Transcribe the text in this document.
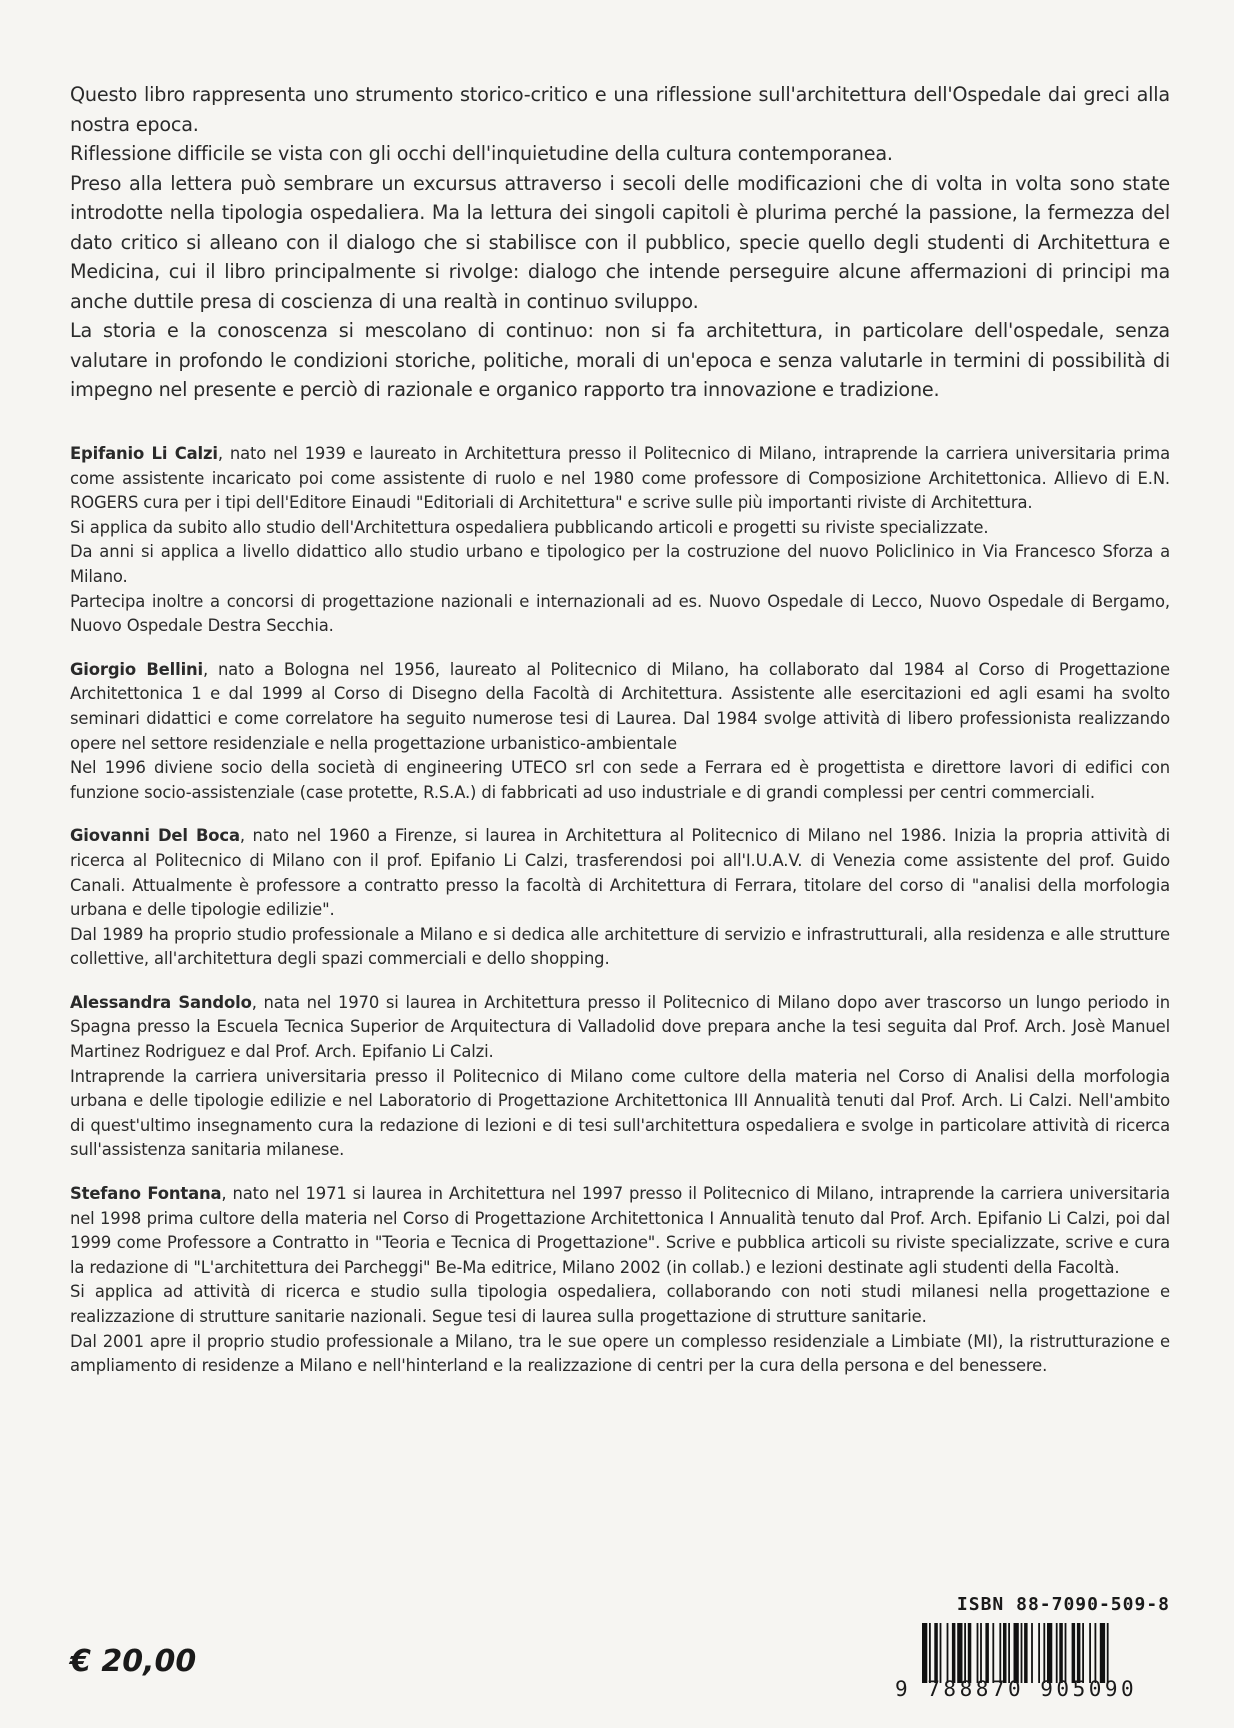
Questo libro rappresenta uno strumento storico-critico e una riflessione sull'architettura dell'Ospedale dai greci alla nostra epoca.

Riflessione difficile se vista con gli occhi dell'inquietudine della cultura contemporanea.

Preso alla lettera può sembrare un excursus attraverso i secoli delle modificazioni che di volta in volta sono state introdotte nella tipologia ospedaliera. Ma la lettura dei singoli capitoli è plurima perché la passione, la fermezza del dato critico si alleano con il dialogo che si stabilisce con il pubblico, specie quello degli studenti di Architettura e Medicina, cui il libro principalmente si rivolge: dialogo che intende perseguire alcune affermazioni di principi ma anche duttile presa di coscienza di una realtà in continuo sviluppo.

La storia e la conoscenza si mescolano di continuo: non si fa architettura, in particolare dell'ospedale, senza valutare in profondo le condizioni storiche, politiche, morali di un'epoca e senza valutarle in termini di possibilità di impegno nel presente e perciò di razionale e organico rapporto tra innovazione e tradizione.

Epifanio Li Calzi, nato nel 1939 e laureato in Architettura presso il Politecnico di Milano, intraprende la carriera universitaria prima come assistente incaricato poi come assistente di ruolo e nel 1980 come professore di Composizione Architettonica. Allievo di E.N. ROGERS cura per i tipi dell'Editore Einaudi "Editoriali di Architettura" e scrive sulle più importanti riviste di Architettura.

Si applica da subito allo studio dell'Architettura ospedaliera pubblicando articoli e progetti su riviste specializzate.

Da anni si applica a livello didattico allo studio urbano e tipologico per la costruzione del nuovo Policlinico in Via Francesco Sforza a Milano.

Partecipa inoltre a concorsi di progettazione nazionali e internazionali ad es. Nuovo Ospedale di Lecco, Nuovo Ospedale di Bergamo, Nuovo Ospedale Destra Secchia.

Giorgio Bellini, nato a Bologna nel 1956, laureato al Politecnico di Milano, ha collaborato dal 1984 al Corso di Progettazione Architettonica 1 e dal 1999 al Corso di Disegno della Facoltà di Architettura. Assistente alle esercitazioni ed agli esami ha svolto seminari didattici e come correlatore ha seguito numerose tesi di Laurea. Dal 1984 svolge attività di libero professionista realizzando opere nel settore residenziale e nella progettazione urbanistico-ambientale

Nel 1996 diviene socio della società di engineering UTECO srl con sede a Ferrara ed è progettista e direttore lavori di edifici con funzione socio-assistenziale (case protette, R.S.A.) di fabbricati ad uso industriale e di grandi complessi per centri commerciali.

Giovanni Del Boca, nato nel 1960 a Firenze, si laurea in Architettura al Politecnico di Milano nel 1986. Inizia la propria attività di ricerca al Politecnico di Milano con il prof. Epifanio Li Calzi, trasferendosi poi all'I.U.A.V. di Venezia come assistente del prof. Guido Canali. Attualmente è professore a contratto presso la facoltà di Architettura di Ferrara, titolare del corso di "analisi della morfologia urbana e delle tipologie edilizie".

Dal 1989 ha proprio studio professionale a Milano e si dedica alle architetture di servizio e infrastrutturali, alla residenza e alle strutture collettive, all'architettura degli spazi commerciali e dello shopping.

Alessandra Sandolo, nata nel 1970 si laurea in Architettura presso il Politecnico di Milano dopo aver trascorso un lungo periodo in Spagna presso la Escuela Tecnica Superior de Arquitectura di Valladolid dove prepara anche la tesi seguita dal Prof. Arch. Josè Manuel Martinez Rodriguez e dal Prof. Arch. Epifanio Li Calzi.

Intraprende la carriera universitaria presso il Politecnico di Milano come cultore della materia nel Corso di Analisi della morfologia urbana e delle tipologie edilizie e nel Laboratorio di Progettazione Architettonica III Annualità tenuti dal Prof. Arch. Li Calzi. Nell'ambito di quest'ultimo insegnamento cura la redazione di lezioni e di tesi sull'architettura ospedaliera e svolge in particolare attività di ricerca sull'assistenza sanitaria milanese.

Stefano Fontana, nato nel 1971 si laurea in Architettura nel 1997 presso il Politecnico di Milano, intraprende la carriera universitaria nel 1998 prima cultore della materia nel Corso di Progettazione Architettonica I Annualità tenuto dal Prof. Arch. Epifanio Li Calzi, poi dal 1999 come Professore a Contratto in "Teoria e Tecnica di Progettazione". Scrive e pubblica articoli su riviste specializzate, scrive e cura la redazione di "L'architettura dei Parcheggi" Be-Ma editrice, Milano 2002 (in collab.) e lezioni destinate agli studenti della Facoltà.

Si applica ad attività di ricerca e studio sulla tipologia ospedaliera, collaborando con noti studi milanesi nella progettazione e realizzazione di strutture sanitarie nazionali. Segue tesi di laurea sulla progettazione di strutture sanitarie.

Dal 2001 apre il proprio studio professionale a Milano, tra le sue opere un complesso residenziale a Limbiate (MI), la ristrutturazione e ampliamento di residenze a Milano e nell'hinterland e la realizzazione di centri per la cura della persona e del benessere.

ISBN 88-7090-509-8
9 788870 905090
€ 20,00
